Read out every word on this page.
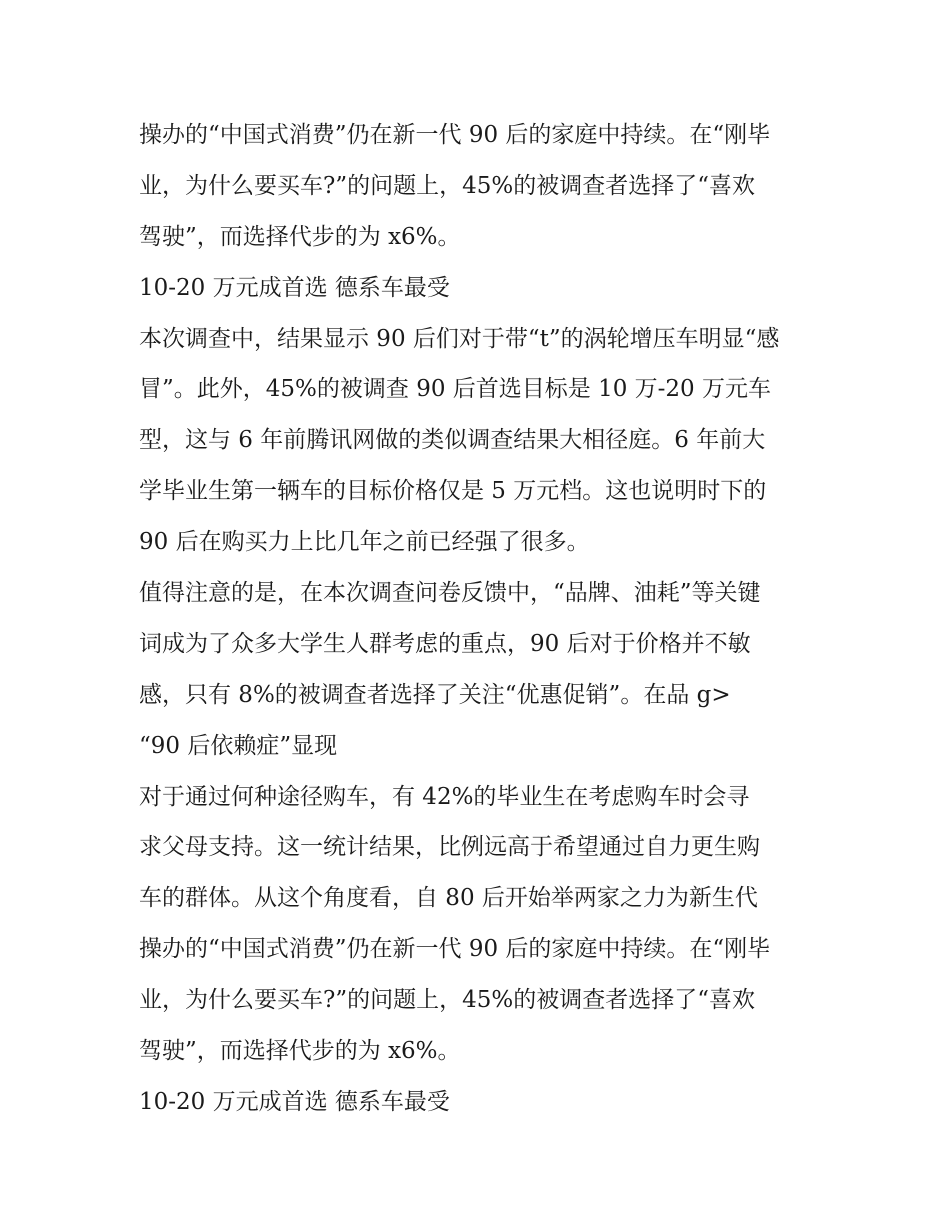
操办的“中国式消费”仍在新一代 90 后的家庭中持续。在“刚毕
业，为什么要买车?”的问题上，45%的被调查者选择了“喜欢
驾驶”，而选择代步的为 x6%。
10-20 万元成首选 德系车最受
本次调查中，结果显示 90 后们对于带“t”的涡轮增压车明显“感
冒”。此外，45%的被调查 90 后首选目标是 10 万-20 万元车
型，这与 6 年前腾讯网做的类似调查结果大相径庭。6 年前大
学毕业生第一辆车的目标价格仅是 5 万元档。这也说明时下的
90 后在购买力上比几年之前已经强了很多。
值得注意的是，在本次调查问卷反馈中，“品牌、油耗”等关键
词成为了众多大学生人群考虑的重点，90 后对于价格并不敏
感，只有 8%的被调查者选择了关注“优惠促销”。在品 g>
“90 后依赖症”显现
对于通过何种途径购车，有 42%的毕业生在考虑购车时会寻
求父母支持。这一统计结果，比例远高于希望通过自力更生购
车的群体。从这个角度看，自 80 后开始举两家之力为新生代
操办的“中国式消费”仍在新一代 90 后的家庭中持续。在“刚毕
业，为什么要买车?”的问题上，45%的被调查者选择了“喜欢
驾驶”，而选择代步的为 x6%。
10-20 万元成首选 德系车最受
